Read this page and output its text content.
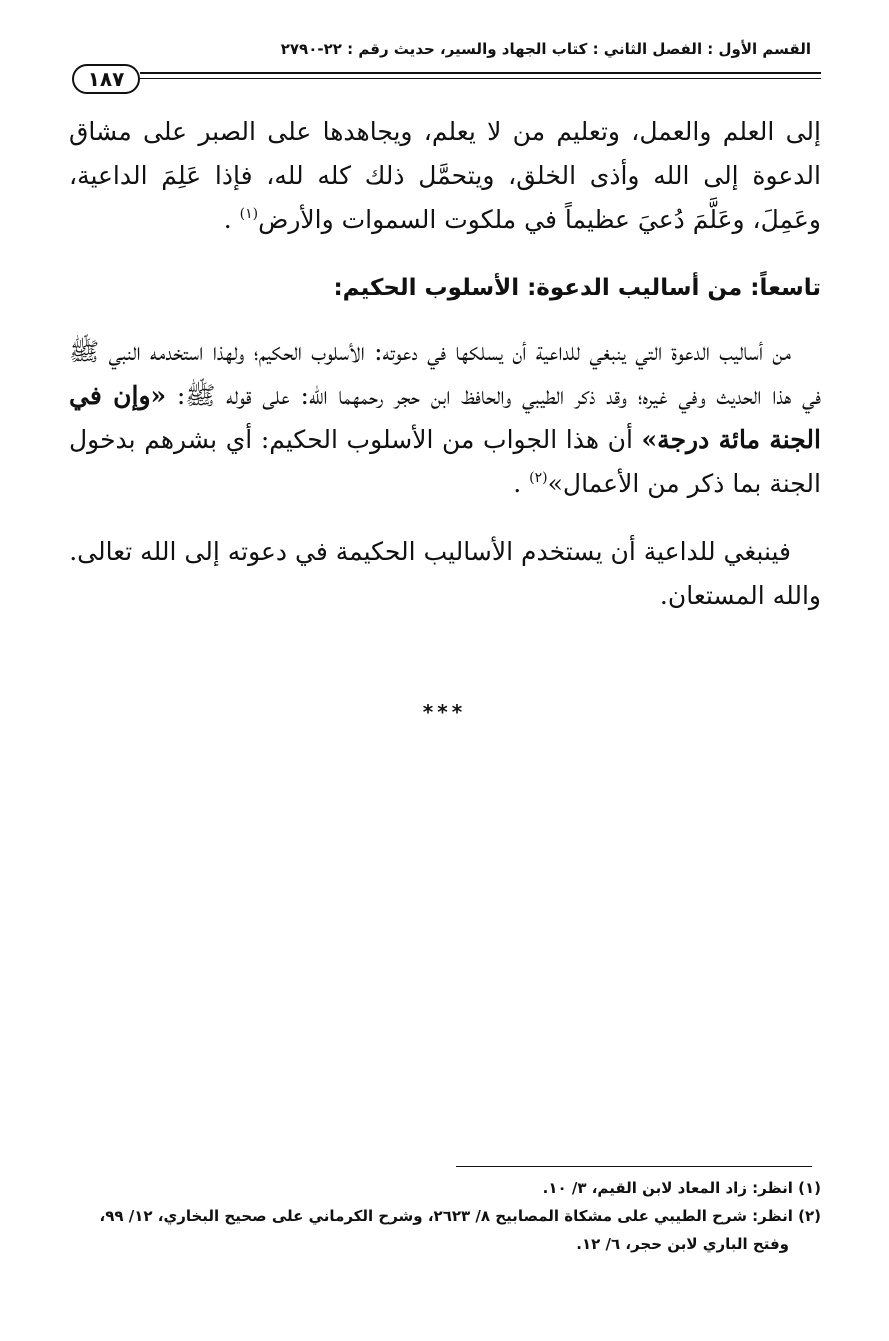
القسم الأول : الفصل الثاني : كتاب الجهاد والسير، حديث رقم : ٢٢-٢٧٩٠
١٨٧

إلى العلم والعمل، وتعليم من لا يعلم، ويجاهدها على الصبر على مشاق الدعوة إلى الله وأذى الخلق، ويتحمَّل ذلك كله لله، فإذا عَلِمَ الداعية، وعَمِلَ، وعَلَّمَ دُعيَ عظيماً في ملكوت السموات والأرض$^{(١)}$ .

تاسعاً: من أساليب الدعوة: الأسلوب الحكيم:

من أساليب الدعوة التي ينبغي للداعية أن يسلكها في دعوته: الأسلوب الحكيم؛ ولهذا استخدمه النبي ﷺ في هذا الحديث وفي غيره؛ وقد ذكر الطيبي والحافظ ابن حجر رحمهما الله: على قوله ﷺ: «وإن في الجنة مائة درجة» أن هذا الجواب من الأسلوب الحكيم: أي بشرهم بدخول الجنة بما ذكر من الأعمال»$^{(٢)}$ .

فينبغي للداعية أن يستخدم الأساليب الحكيمة في دعوته إلى الله تعالى.

والله المستعان.

***

(١) انظر: زاد المعاد لابن القيم، ٣/ ١٠.

(٢) انظر: شرح الطيبي على مشكاة المصابيح ٨/ ٢٦٢٣، وشرح الكرماني على صحيح البخاري، ١٢/ ٩٩،

وفتح الباري لابن حجر، ٦/ ١٢.
